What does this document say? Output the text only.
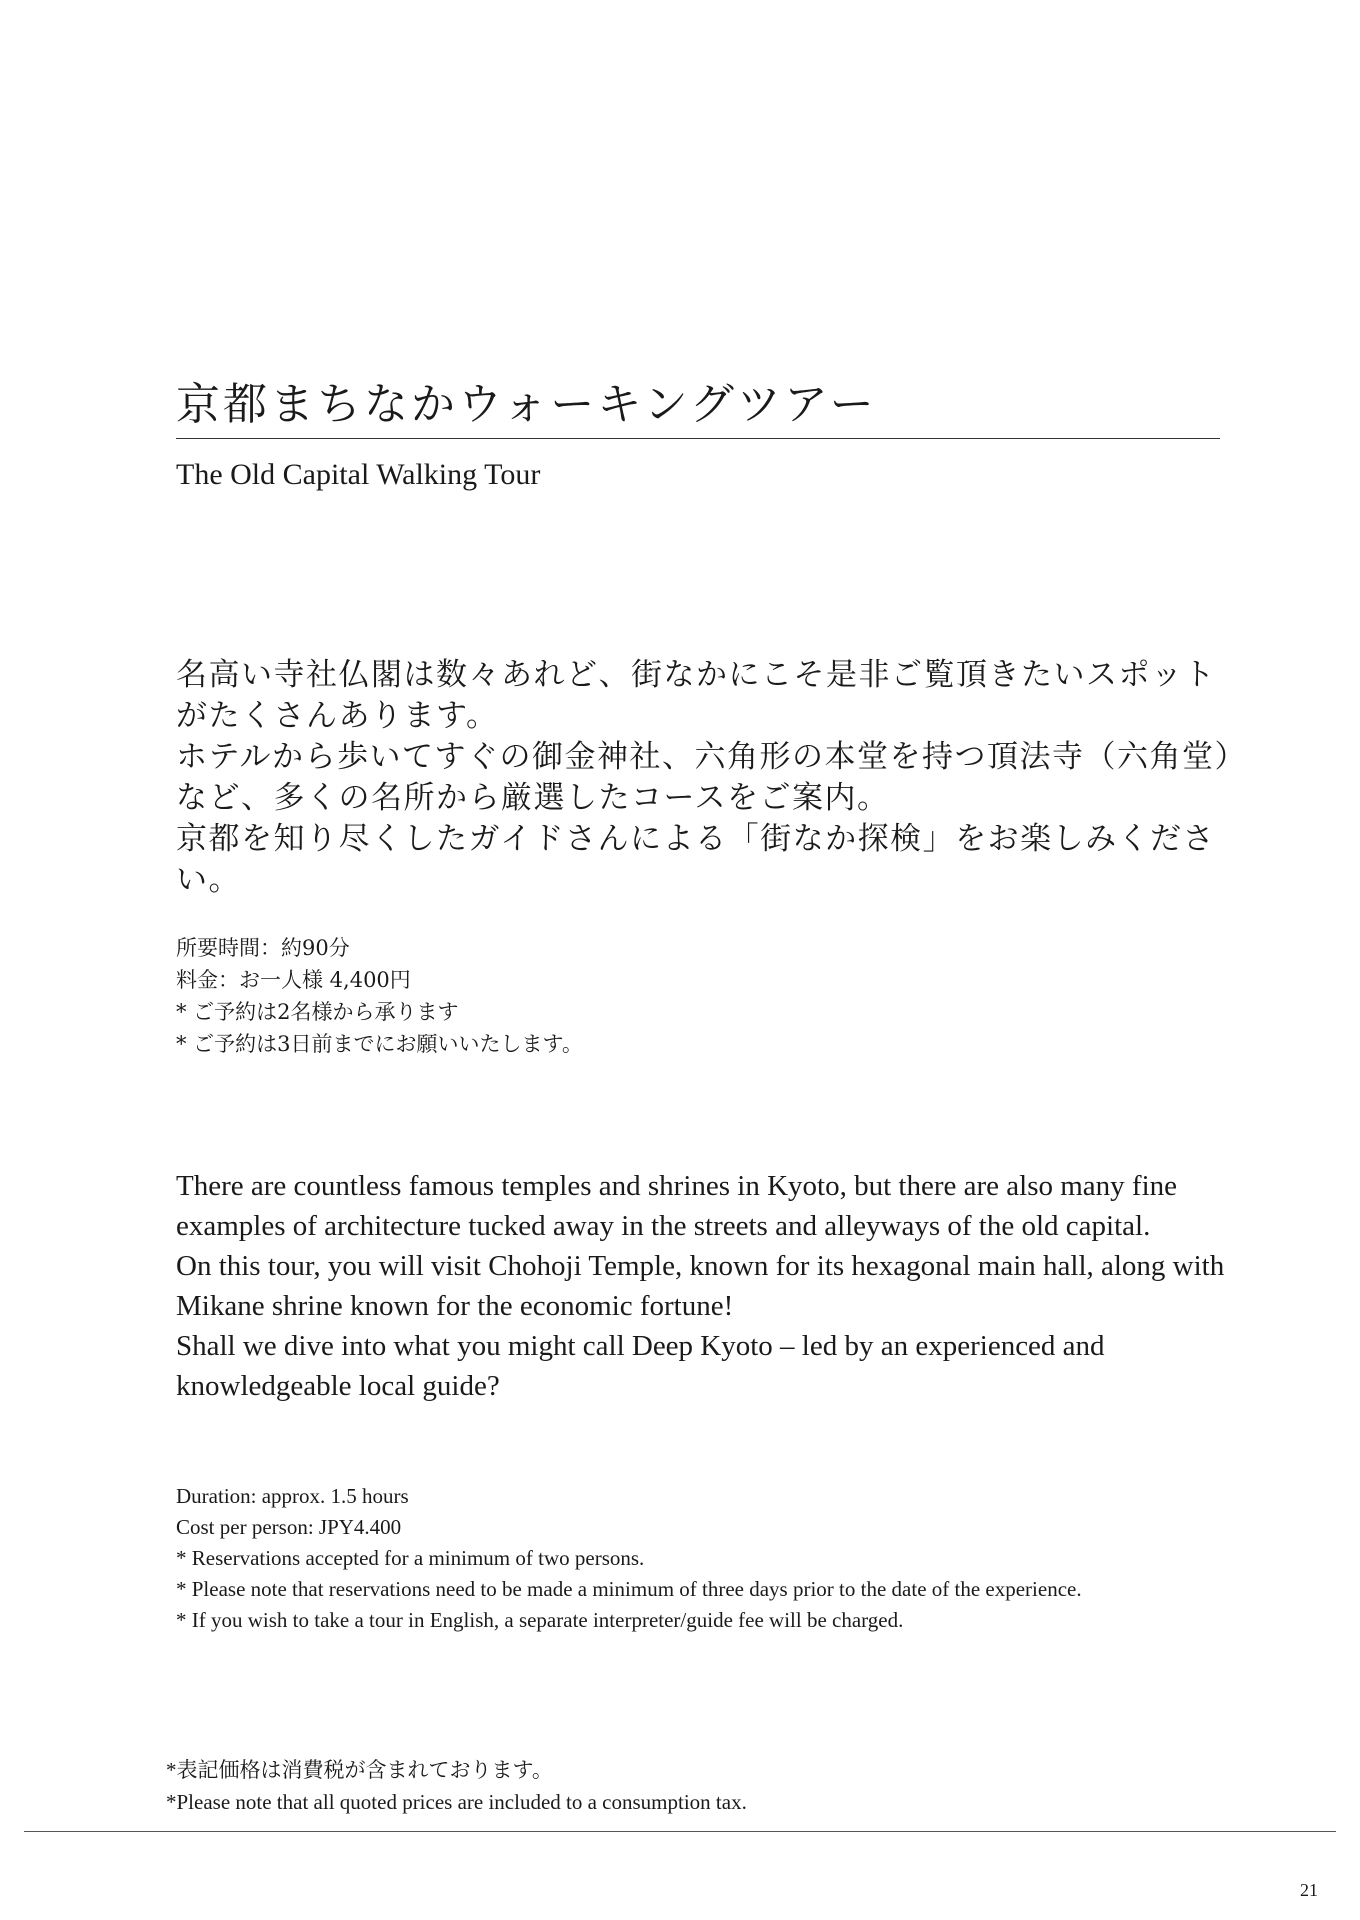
京都まちなかウォーキングツアー
The Old Capital Walking Tour

名高い寺社仏閣は数々あれど、街なかにこそ是非ご覧頂きたいスポットがたくさんあります。

ホテルから歩いてすぐの御金神社、六角形の本堂を持つ頂法寺（六角堂）など、多くの名所から厳選したコースをご案内。

京都を知り尽くしたガイドさんによる「街なか探検」をお楽しみください。

所要時間：約90分
料金：お一人様 4,400円
* ご予約は2名様から承ります
* ご予約は3日前までにお願いいたします。

There are countless famous temples and shrines in Kyoto, but there are also many fine examples of architecture tucked away in the streets and alleyways of the old capital.

On this tour, you will visit Chohoji Temple, known for its hexagonal main hall, along with Mikane shrine known for the economic fortune!

Shall we dive into what you might call Deep Kyoto – led by an experienced and knowledgeable local guide?

Duration: approx. 1.5 hours
Cost per person: JPY4.400
* Reservations accepted for a minimum of two persons.
* Please note that reservations need to be made a minimum of three days prior to the date of the experience.
* If you wish to take a tour in English, a separate interpreter/guide fee will be charged.
*表記価格は消費税が含まれております。
*Please note that all quoted prices are included to a consumption tax.
21
